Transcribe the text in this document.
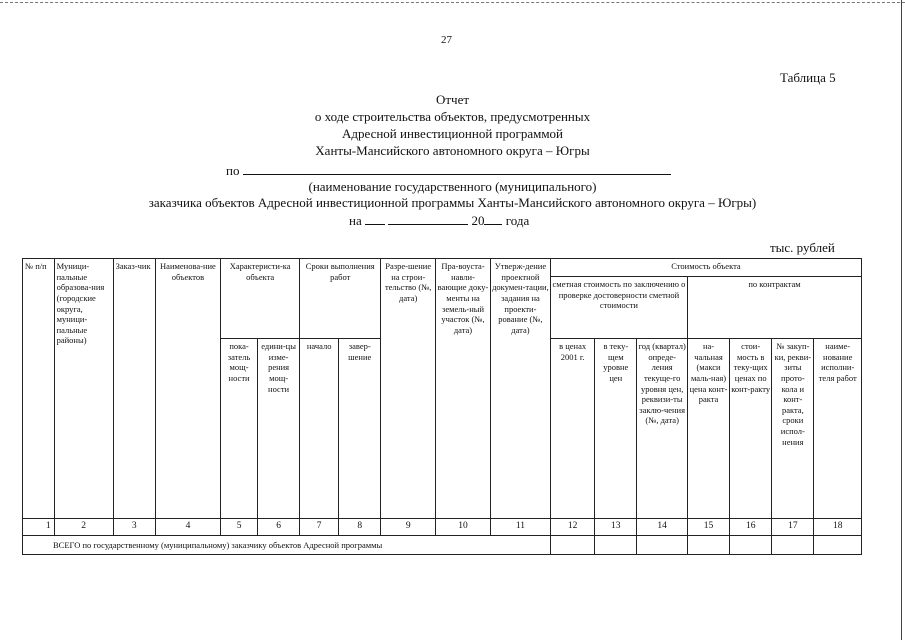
27
Таблица 5
Отчет
о ходе строительства объектов, предусмотренных
Адресной инвестиционной программой
Ханты-Мансийского автономного округа – Югры
по
(наименование государственного (муниципального)
заказчика объектов Адресной инвестиционной программы Ханты-Мансийского автономного округа – Югры)
на	20 года
тыс. рублей
№ п/п	Муници-пальные образова-ния (городские округа, муници-пальные районы)	Заказ-чик	Наименова-ние объектов	Характеристи-ка объекта		Сроки выполнения работ		Разре-шение на строи-тельство (№, дата)	Пра-воуста-навли-вающие доку-менты на земель-ный участок (№, дата)	Утверж-дение проектной докумен-тации, задания на проекти-рование (№, дата)	Стоимость объекта						
											сметная стоимость по заключению о проверке достоверности сметной стоимости			по контрактам			
				пока-затель мощ-ности	едини-цы изме-рения мощ-ности	начало	завер-шение				в ценах 2001 г.	в теку-щем уровне цен	год (квартал) опреде-ления текуще-го уровня цен, реквизи-ты заклю-чения (№, дата)	на-чальная (макси маль-ная) цена конт-ракта	стои-мость в теку-щих ценах по конт-ракту	№ закуп-ки, рекви-зиты прото-кола и конт-ракта, сроки испол-нения	наиме-нование исполни-теля работ
1	2	3	4	5	6	7	8	9	10	11	12	13	14	15	16	17	18
ВСЕГО по государственному (муниципальному) заказчику объектов Адресной программы																	
